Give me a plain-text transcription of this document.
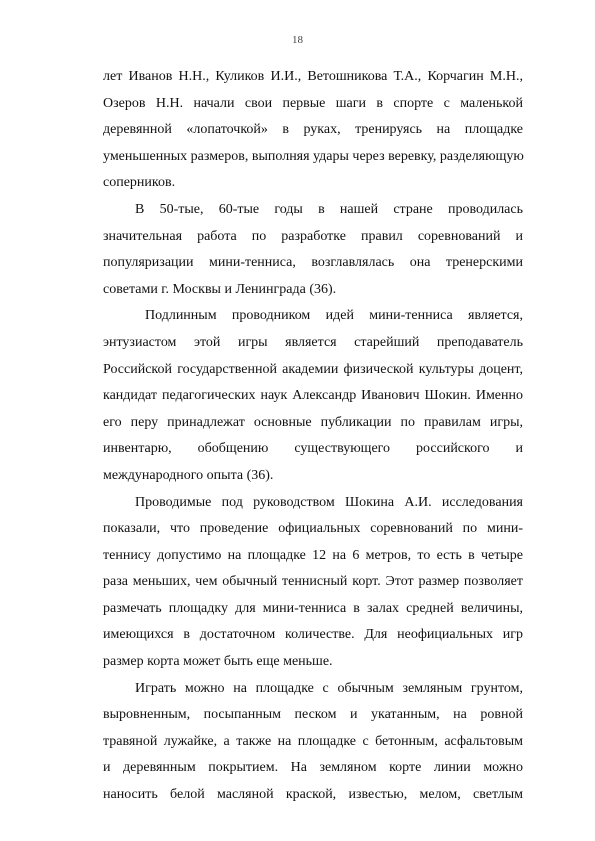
18
лет Иванов Н.Н., Куликов И.И., Ветошникова Т.А., Корчагин М.Н.,
Озеров Н.Н. начали свои первые шаги в спорте с маленькой
деревянной «лопаточкой» в руках, тренируясь на площадке
уменьшенных размеров, выполняя удары через веревку, разделяющую
соперников.
В 50-тые, 60-тые годы в нашей стране проводилась
значительная работа по разработке правил соревнований и
популяризации мини-тенниса, возглавлялась она тренерскими
советами г. Москвы и Ленинграда (36).
Подлинным проводником идей мини-тенниса является,
энтузиастом этой игры является старейший преподаватель
Российской государственной академии физической культуры доцент,
кандидат педагогических наук Александр Иванович Шокин. Именно
его перу принадлежат основные публикации по правилам игры,
инвентарю, обобщению существующего российского и
международного опыта (36).
Проводимые под руководством Шокина А.И. исследования
показали, что проведение официальных соревнований по мини-
теннису допустимо на площадке 12 на 6 метров, то есть в четыре
раза меньших, чем обычный теннисный корт. Этот размер позволяет
размечать площадку для мини-тенниса в залах средней величины,
имеющихся в достаточном количестве. Для неофициальных игр
размер корта может быть еще меньше.
Играть можно на площадке с обычным земляным грунтом,
выровненным, посыпанным песком и укатанным, на ровной
травяной лужайке, а также на площадке с бетонным, асфальтовым
и деревянным покрытием. На земляном корте линии можно
наносить белой масляной краской, известью, мелом, светлым
